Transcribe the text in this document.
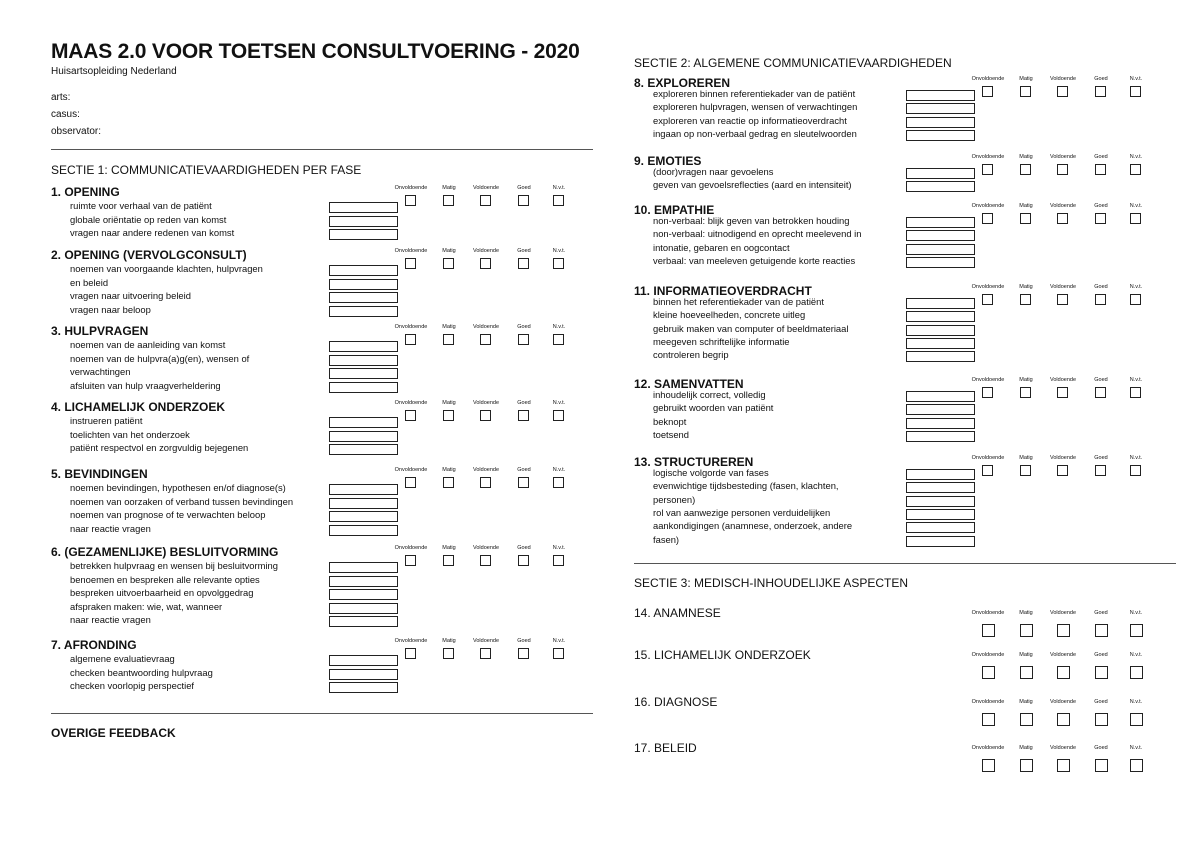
MAAS 2.0 VOOR TOETSEN CONSULTVOERING - 2020
Huisartsopleiding Nederland
arts:
casus:
observator:
SECTIE 1: COMMUNICATIEVAARDIGHEDEN PER FASE
1. OPENING	Onvoldoende	Matig	Voldoende	Goed	N.v.t.
ruimte voor verhaal van de patiënt
globale oriëntatie op reden van komst
vragen naar andere redenen van komst
2. OPENING (VERVOLGCONSULT)	Onvoldoende	Matig	Voldoende	Goed	N.v.t.
noemen van voorgaande klachten, hulpvragen
en beleid
vragen naar uitvoering beleid
vragen naar beloop
3. HULPVRAGEN	Onvoldoende	Matig	Voldoende	Goed	N.v.t.
noemen van de aanleiding van komst
noemen van de hulpvra(a)g(en), wensen of
verwachtingen
afsluiten van hulp vraagverheldering
4. LICHAMELIJK ONDERZOEK	Onvoldoende	Matig	Voldoende	Goed	N.v.t.
instrueren patiënt
toelichten van het onderzoek
patiënt respectvol en zorgvuldig bejegenen
5. BEVINDINGEN	Onvoldoende	Matig	Voldoende	Goed	N.v.t.
noemen bevindingen, hypothesen en/of diagnose(s)
noemen van oorzaken of verband tussen bevindingen
noemen van prognose of te verwachten beloop
naar reactie vragen
6. (GEZAMENLIJKE) BESLUITVORMING	Onvoldoende	Matig	Voldoende	Goed	N.v.t.
betrekken hulpvraag en wensen bij besluitvorming
benoemen en bespreken alle relevante opties
bespreken uitvoerbaarheid en opvolggedrag
afspraken maken: wie, wat, wanneer
naar reactie vragen
7. AFRONDING	Onvoldoende	Matig	Voldoende	Goed	N.v.t.
algemene evaluatievraag
checken beantwoording hulpvraag
checken voorlopig perspectief
OVERIGE FEEDBACK
SECTIE 2: ALGEMENE COMMUNICATIEVAARDIGHEDEN
8. EXPLOREREN	Onvoldoende	Matig	Voldoende	Goed	N.v.t.
exploreren binnen referentiekader van de patiënt
exploreren hulpvragen, wensen of verwachtingen
exploreren van reactie op informatieoverdracht
ingaan op non-verbaal gedrag en sleutelwoorden
9. EMOTIES	Onvoldoende	Matig	Voldoende	Goed	N.v.t.
(door)vragen naar gevoelens
geven van gevoelsreflecties (aard en intensiteit)
10. EMPATHIE	Onvoldoende	Matig	Voldoende	Goed	N.v.t.
non-verbaal: blijk geven van betrokken houding
non-verbaal: uitnodigend en oprecht meelevend in
intonatie, gebaren en oogcontact
verbaal: van meeleven getuigende korte reacties
11. INFORMATIEOVERDRACHT	Onvoldoende	Matig	Voldoende	Goed	N.v.t.
binnen het referentiekader van de patiënt
kleine hoeveelheden, concrete uitleg
gebruik maken van computer of beeldmateriaal
meegeven schriftelijke informatie
controleren begrip
12. SAMENVATTEN	Onvoldoende	Matig	Voldoende	Goed	N.v.t.
inhoudelijk correct, volledig
gebruikt woorden van patiënt
beknopt
toetsend
13. STRUCTUREREN	Onvoldoende	Matig	Voldoende	Goed	N.v.t.
logische volgorde van fases
evenwichtige tijdsbesteding (fasen, klachten,
personen)
rol van aanwezige personen verduidelijken
aankondigingen (anamnese, onderzoek, andere
fasen)
SECTIE 3: MEDISCH-INHOUDELIJKE ASPECTEN
14. ANAMNESE	Onvoldoende	Matig	Voldoende	Goed	N.v.t.
15. LICHAMELIJK ONDERZOEK	Onvoldoende	Matig	Voldoende	Goed	N.v.t.
16. DIAGNOSE	Onvoldoende	Matig	Voldoende	Goed	N.v.t.
17. BELEID	Onvoldoende	Matig	Voldoende	Goed	N.v.t.
